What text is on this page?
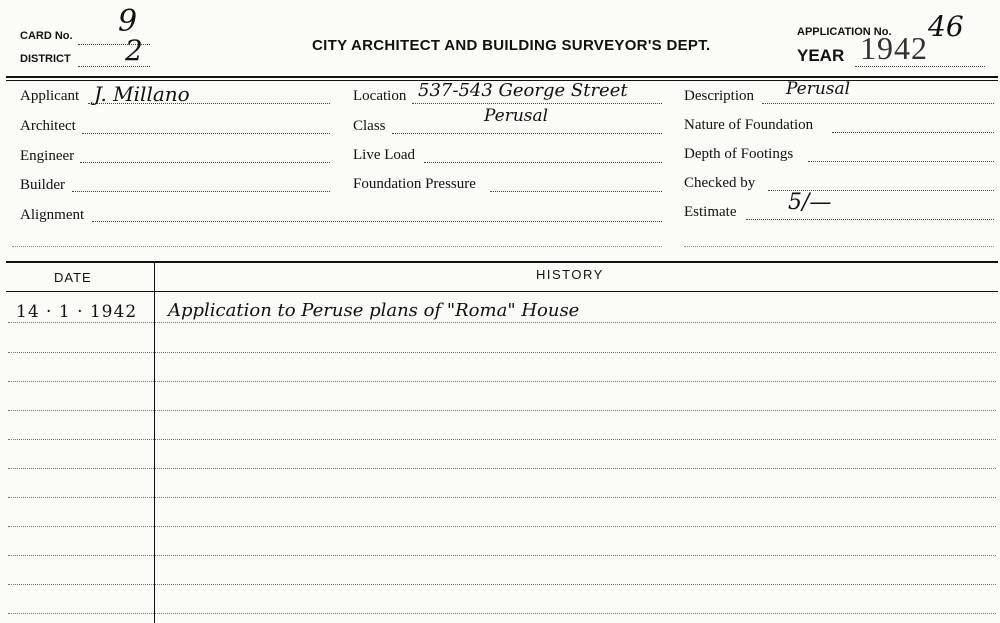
CARD No. 9
DISTRICT 2	CITY ARCHITECT AND BUILDING SURVEYOR'S DEPT.
APPLICATION No. 46
YEAR 1942
Applicant J. Millano
Architect
Engineer
Builder
Alignment
Location 537-543 George Street
Class	Perusal
Live Load
Foundation Pressure
Description Perusal
Nature of Foundation
Depth of Footings
Checked by
Estimate 5/—
DATE	HISTORY
14 · 1 · 1942 Application to Peruse plans of "Roma" House
